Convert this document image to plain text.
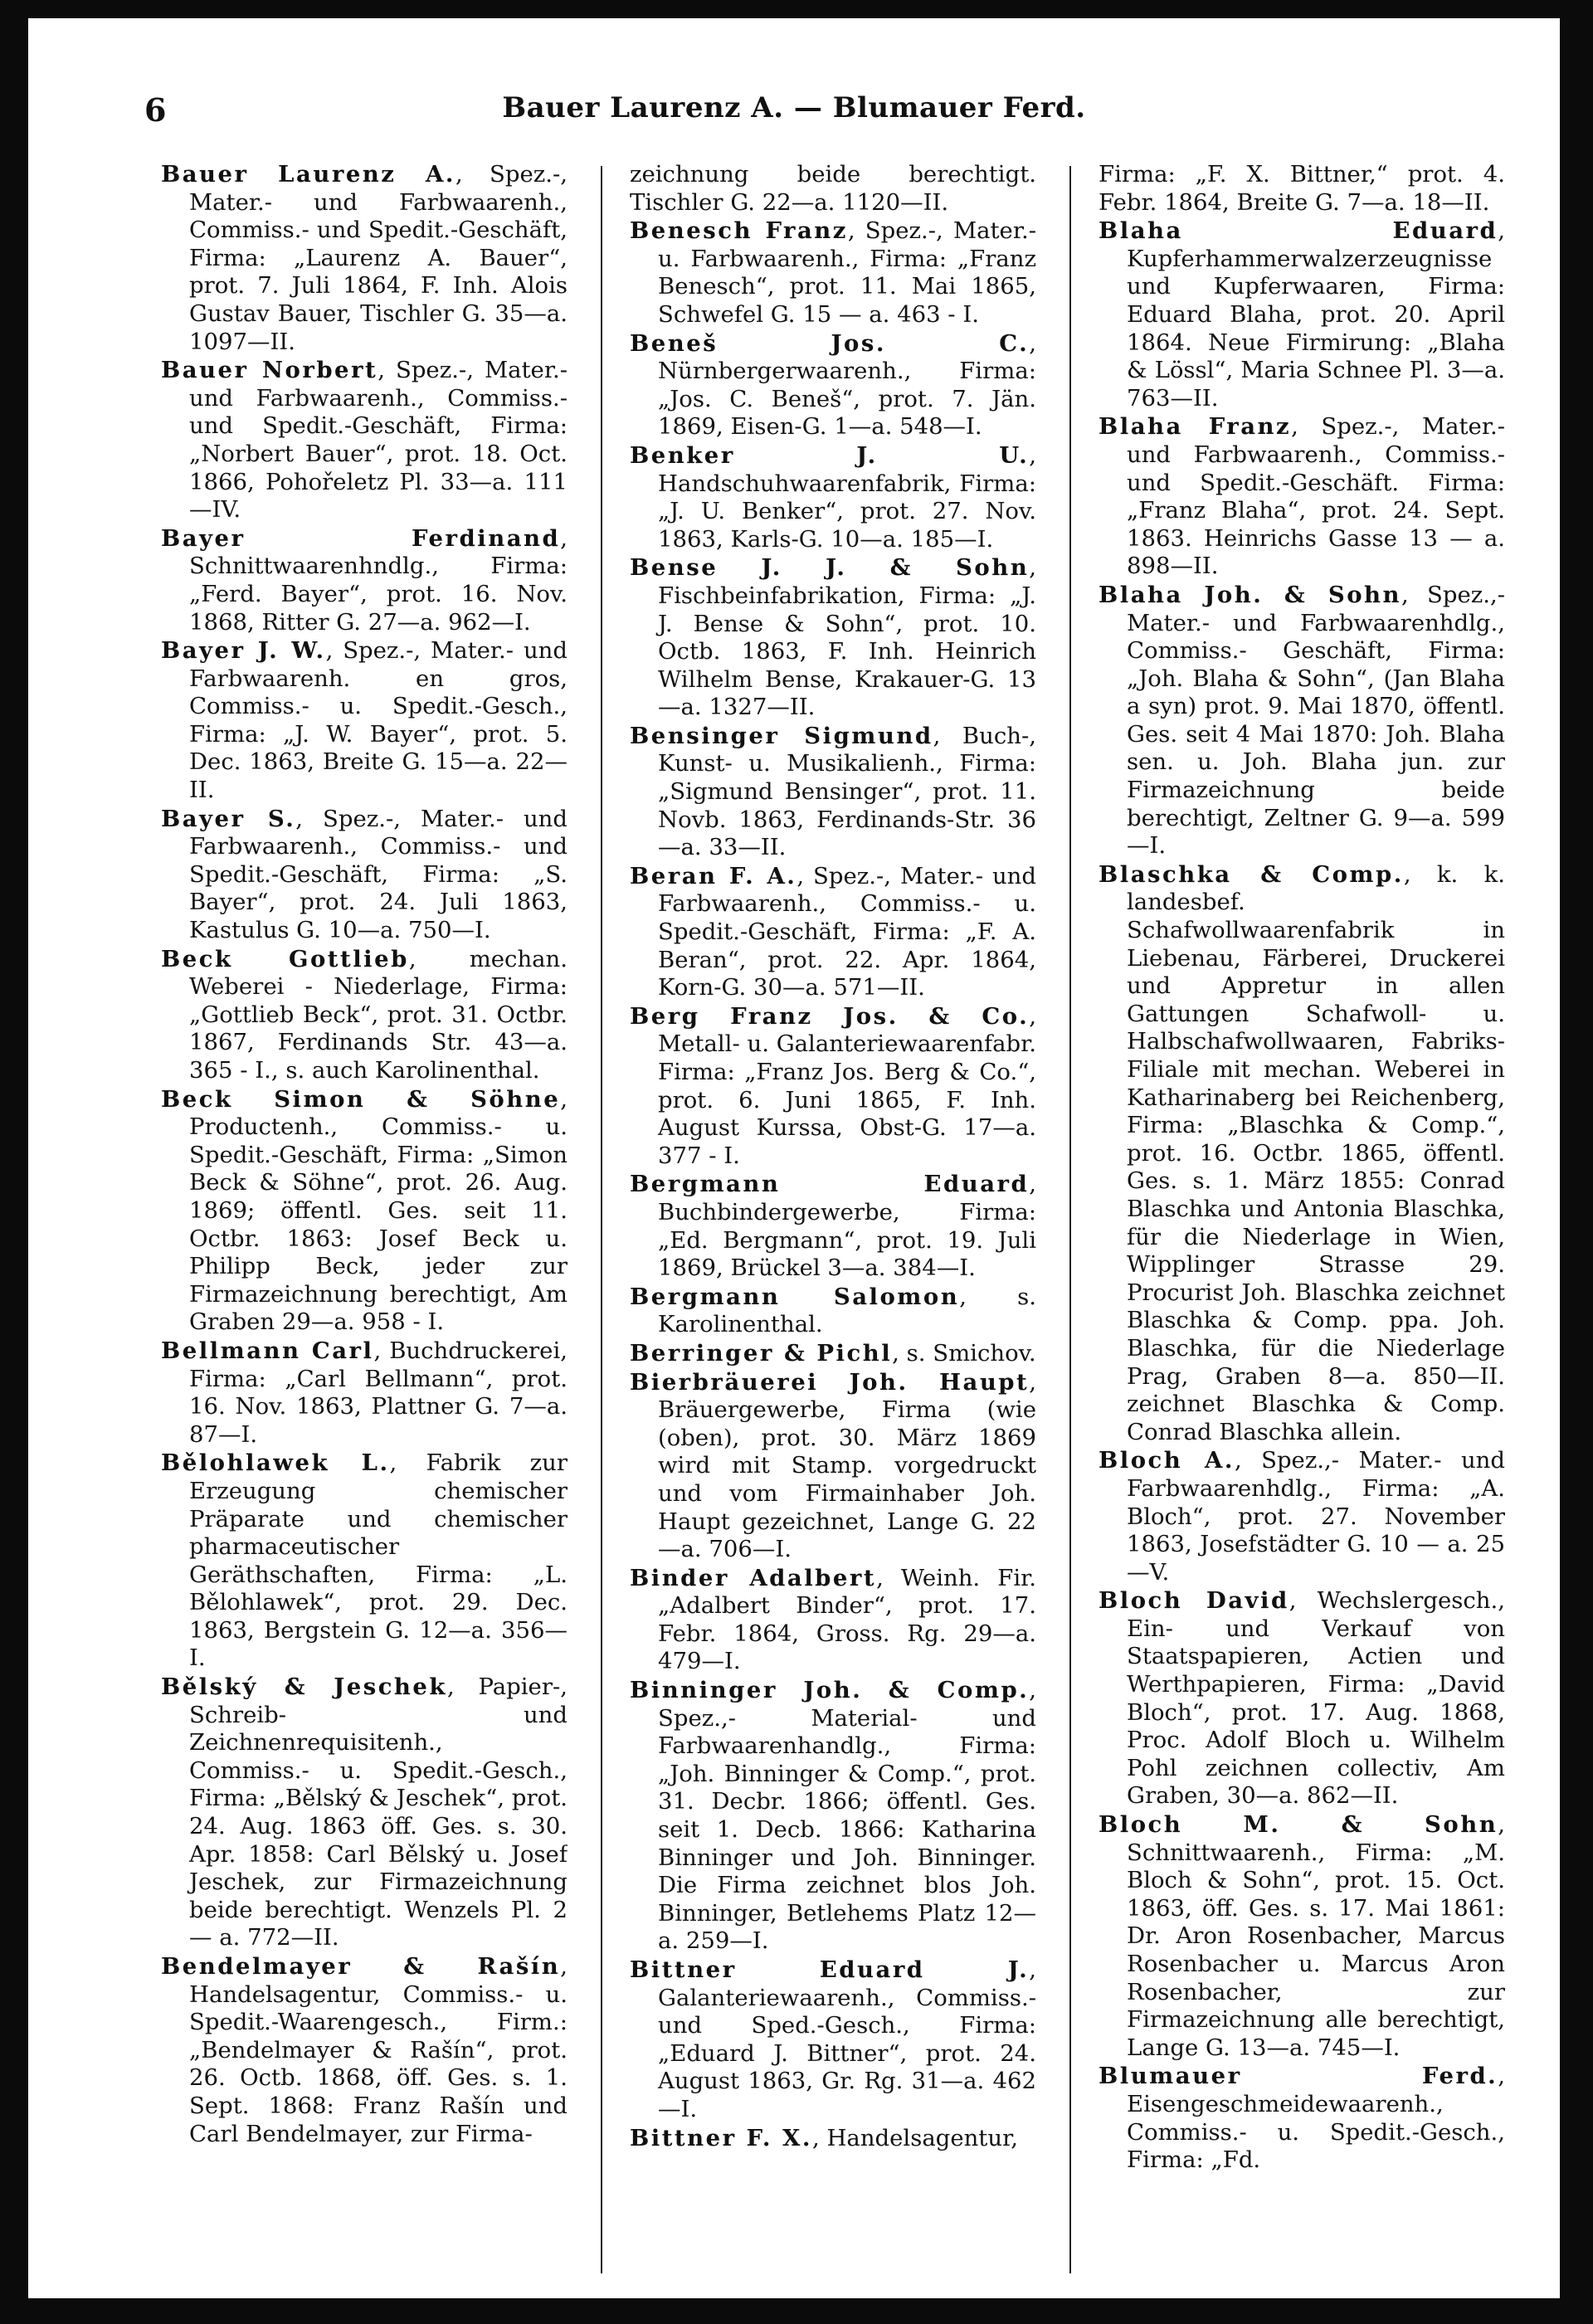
6	Bauer Laurenz A. — Blumauer Ferd.

Bauer Laurenz A., Spez.-, Mater.- und Farbwaarenh., Commiss.- und Spedit.-Geschäft, Firma: „Laurenz A. Bauer“, prot. 7. Juli 1864, F. Inh. Alois Gustav Bauer, Tischler G. 35—a. 1097—II.

Bauer Norbert, Spez.-, Mater.- und Farbwaarenh., Commiss.- und Spedit.-Geschäft, Firma: „Norbert Bauer“, prot. 18. Oct. 1866, Pohořeletz Pl. 33—a. 111—IV.

Bayer Ferdinand, Schnittwaarenhndlg., Firma: „Ferd. Bayer“, prot. 16. Nov. 1868, Ritter G. 27—a. 962—I.

Bayer J. W., Spez.-, Mater.- und Farbwaarenh. en gros, Commiss.- u. Spedit.-Gesch., Firma: „J. W. Bayer“, prot. 5. Dec. 1863, Breite G. 15—a. 22—II.

Bayer S., Spez.-, Mater.- und Farbwaarenh., Commiss.- und Spedit.-Geschäft, Firma: „S. Bayer“, prot. 24. Juli 1863, Kastulus G. 10—a. 750—I.

Beck Gottlieb, mechan. Weberei - Niederlage, Firma: „Gottlieb Beck“, prot. 31. Octbr. 1867, Ferdinands Str. 43—a. 365 - I., s. auch Karolinenthal.

Beck Simon & Söhne, Productenh., Commiss.- u. Spedit.-Geschäft, Firma: „Simon Beck & Söhne“, prot. 26. Aug. 1869; öffentl. Ges. seit 11. Octbr. 1863: Josef Beck u. Philipp Beck, jeder zur Firmazeichnung berechtigt, Am Graben 29—a. 958 - I.

Bellmann Carl, Buchdruckerei, Firma: „Carl Bellmann“, prot. 16. Nov. 1863, Plattner G. 7—a. 87—I.

Bělohlawek L., Fabrik zur Erzeugung chemischer Präparate und chemischer pharmaceutischer Geräthschaften, Firma: „L. Bělohlawek“, prot. 29. Dec. 1863, Bergstein G. 12—a. 356—I.

Bělský & Jeschek, Papier-, Schreib- und Zeichnenrequisitenh., Commiss.- u. Spedit.-Gesch., Firma: „Bělský & Jeschek“, prot. 24. Aug. 1863 öff. Ges. s. 30. Apr. 1858: Carl Bělský u. Josef Jeschek, zur Firmazeichnung beide berechtigt. Wenzels Pl. 2 — a. 772—II.

Bendelmayer & Rašín, Handelsagentur, Commiss.- u. Spedit.-Waarengesch., Firm.: „Bendelmayer & Rašín“, prot. 26. Octb. 1868, öff. Ges. s. 1. Sept. 1868: Franz Rašín und Carl Bendelmayer, zur Firma-

zeichnung beide berechtigt. Tischler G. 22—a. 1120—II.

Benesch Franz, Spez.-, Mater.- u. Farbwaarenh., Firma: „Franz Benesch“, prot. 11. Mai 1865, Schwefel G. 15 — a. 463 - I.

Beneš Jos. C., Nürnbergerwaarenh., Firma: „Jos. C. Beneš“, prot. 7. Jän. 1869, Eisen-G. 1—a. 548—I.

Benker J. U., Handschuhwaarenfabrik, Firma: „J. U. Benker“, prot. 27. Nov. 1863, Karls-G. 10—a. 185—I.

Bense J. J. & Sohn, Fischbeinfabrikation, Firma: „J. J. Bense & Sohn“, prot. 10. Octb. 1863, F. Inh. Heinrich Wilhelm Bense, Krakauer-G. 13—a. 1327—II.

Bensinger Sigmund, Buch-, Kunst- u. Musikalienh., Firma: „Sigmund Bensinger“, prot. 11. Novb. 1863, Ferdinands-Str. 36—a. 33—II.

Beran F. A., Spez.-, Mater.- und Farbwaarenh., Commiss.- u. Spedit.-Geschäft, Firma: „F. A. Beran“, prot. 22. Apr. 1864, Korn-G. 30—a. 571—II.

Berg Franz Jos. & Co., Metall- u. Galanteriewaarenfabr. Firma: „Franz Jos. Berg & Co.“, prot. 6. Juni 1865, F. Inh. August Kurssa, Obst-G. 17—a. 377 - I.

Bergmann Eduard, Buchbindergewerbe, Firma: „Ed. Bergmann“, prot. 19. Juli 1869, Brückel 3—a. 384—I.

Bergmann Salomon, s. Karolinenthal.

Berringer & Pichl, s. Smichov.

Bierbräuerei Joh. Haupt, Bräuergewerbe, Firma (wie (oben), prot. 30. März 1869 wird mit Stamp. vorgedruckt und vom Firmainhaber Joh. Haupt gezeichnet, Lange G. 22—a. 706—I.

Binder Adalbert, Weinh. Fir. „Adalbert Binder“, prot. 17. Febr. 1864, Gross. Rg. 29—a. 479—I.

Binninger Joh. & Comp., Spez.,- Material- und Farbwaarenhandlg., Firma: „Joh. Binninger & Comp.“, prot. 31. Decbr. 1866; öffentl. Ges. seit 1. Decb. 1866: Katharina Binninger und Joh. Binninger. Die Firma zeichnet blos Joh. Binninger, Betlehems Platz 12—a. 259—I.

Bittner Eduard J., Galanteriewaarenh., Commiss.- und Sped.-Gesch., Firma: „Eduard J. Bittner“, prot. 24. August 1863, Gr. Rg. 31—a. 462—I.

Bittner F. X., Handelsagentur,

Firma: „F. X. Bittner,“ prot. 4. Febr. 1864, Breite G. 7—a. 18—II.

Blaha Eduard, Kupferhammerwalzerzeugnisse und Kupferwaaren, Firma: Eduard Blaha, prot. 20. April 1864. Neue Firmirung: „Blaha & Lössl“, Maria Schnee Pl. 3—a. 763—II.

Blaha Franz, Spez.-, Mater.- und Farbwaarenh., Commiss.- und Spedit.-Geschäft. Firma: „Franz Blaha“, prot. 24. Sept. 1863. Heinrichs Gasse 13 — a. 898—II.

Blaha Joh. & Sohn, Spez.,- Mater.- und Farbwaarenhdlg., Commiss.- Geschäft, Firma: „Joh. Blaha & Sohn“, (Jan Blaha a syn) prot. 9. Mai 1870, öffentl. Ges. seit 4 Mai 1870: Joh. Blaha sen. u. Joh. Blaha jun. zur Firmazeichnung beide berechtigt, Zeltner G. 9—a. 599—I.

Blaschka & Comp., k. k. landesbef. Schafwollwaarenfabrik in Liebenau, Färberei, Druckerei und Appretur in allen Gattungen Schafwoll- u. Halbschafwollwaaren, Fabriks-Filiale mit mechan. Weberei in Katharinaberg bei Reichenberg, Firma: „Blaschka & Comp.“, prot. 16. Octbr. 1865, öffentl. Ges. s. 1. März 1855: Conrad Blaschka und Antonia Blaschka, für die Niederlage in Wien, Wipplinger Strasse 29. Procurist Joh. Blaschka zeichnet Blaschka & Comp. ppa. Joh. Blaschka, für die Niederlage Prag, Graben 8—a. 850—II. zeichnet Blaschka & Comp. Conrad Blaschka allein.

Bloch A., Spez.,- Mater.- und Farbwaarenhdlg., Firma: „A. Bloch“, prot. 27. November 1863, Josefstädter G. 10 — a. 25—V.

Bloch David, Wechslergesch., Ein- und Verkauf von Staatspapieren, Actien und Werthpapieren, Firma: „David Bloch“, prot. 17. Aug. 1868, Proc. Adolf Bloch u. Wilhelm Pohl zeichnen collectiv, Am Graben, 30—a. 862—II.

Bloch M. & Sohn, Schnittwaarenh., Firma: „M. Bloch & Sohn“, prot. 15. Oct. 1863, öff. Ges. s. 17. Mai 1861: Dr. Aron Rosenbacher, Marcus Rosenbacher u. Marcus Aron Rosenbacher, zur Firmazeichnung alle berechtigt, Lange G. 13—a. 745—I.

Blumauer Ferd., Eisengeschmeidewaarenh., Commiss.- u. Spedit.-Gesch., Firma: „Fd.
